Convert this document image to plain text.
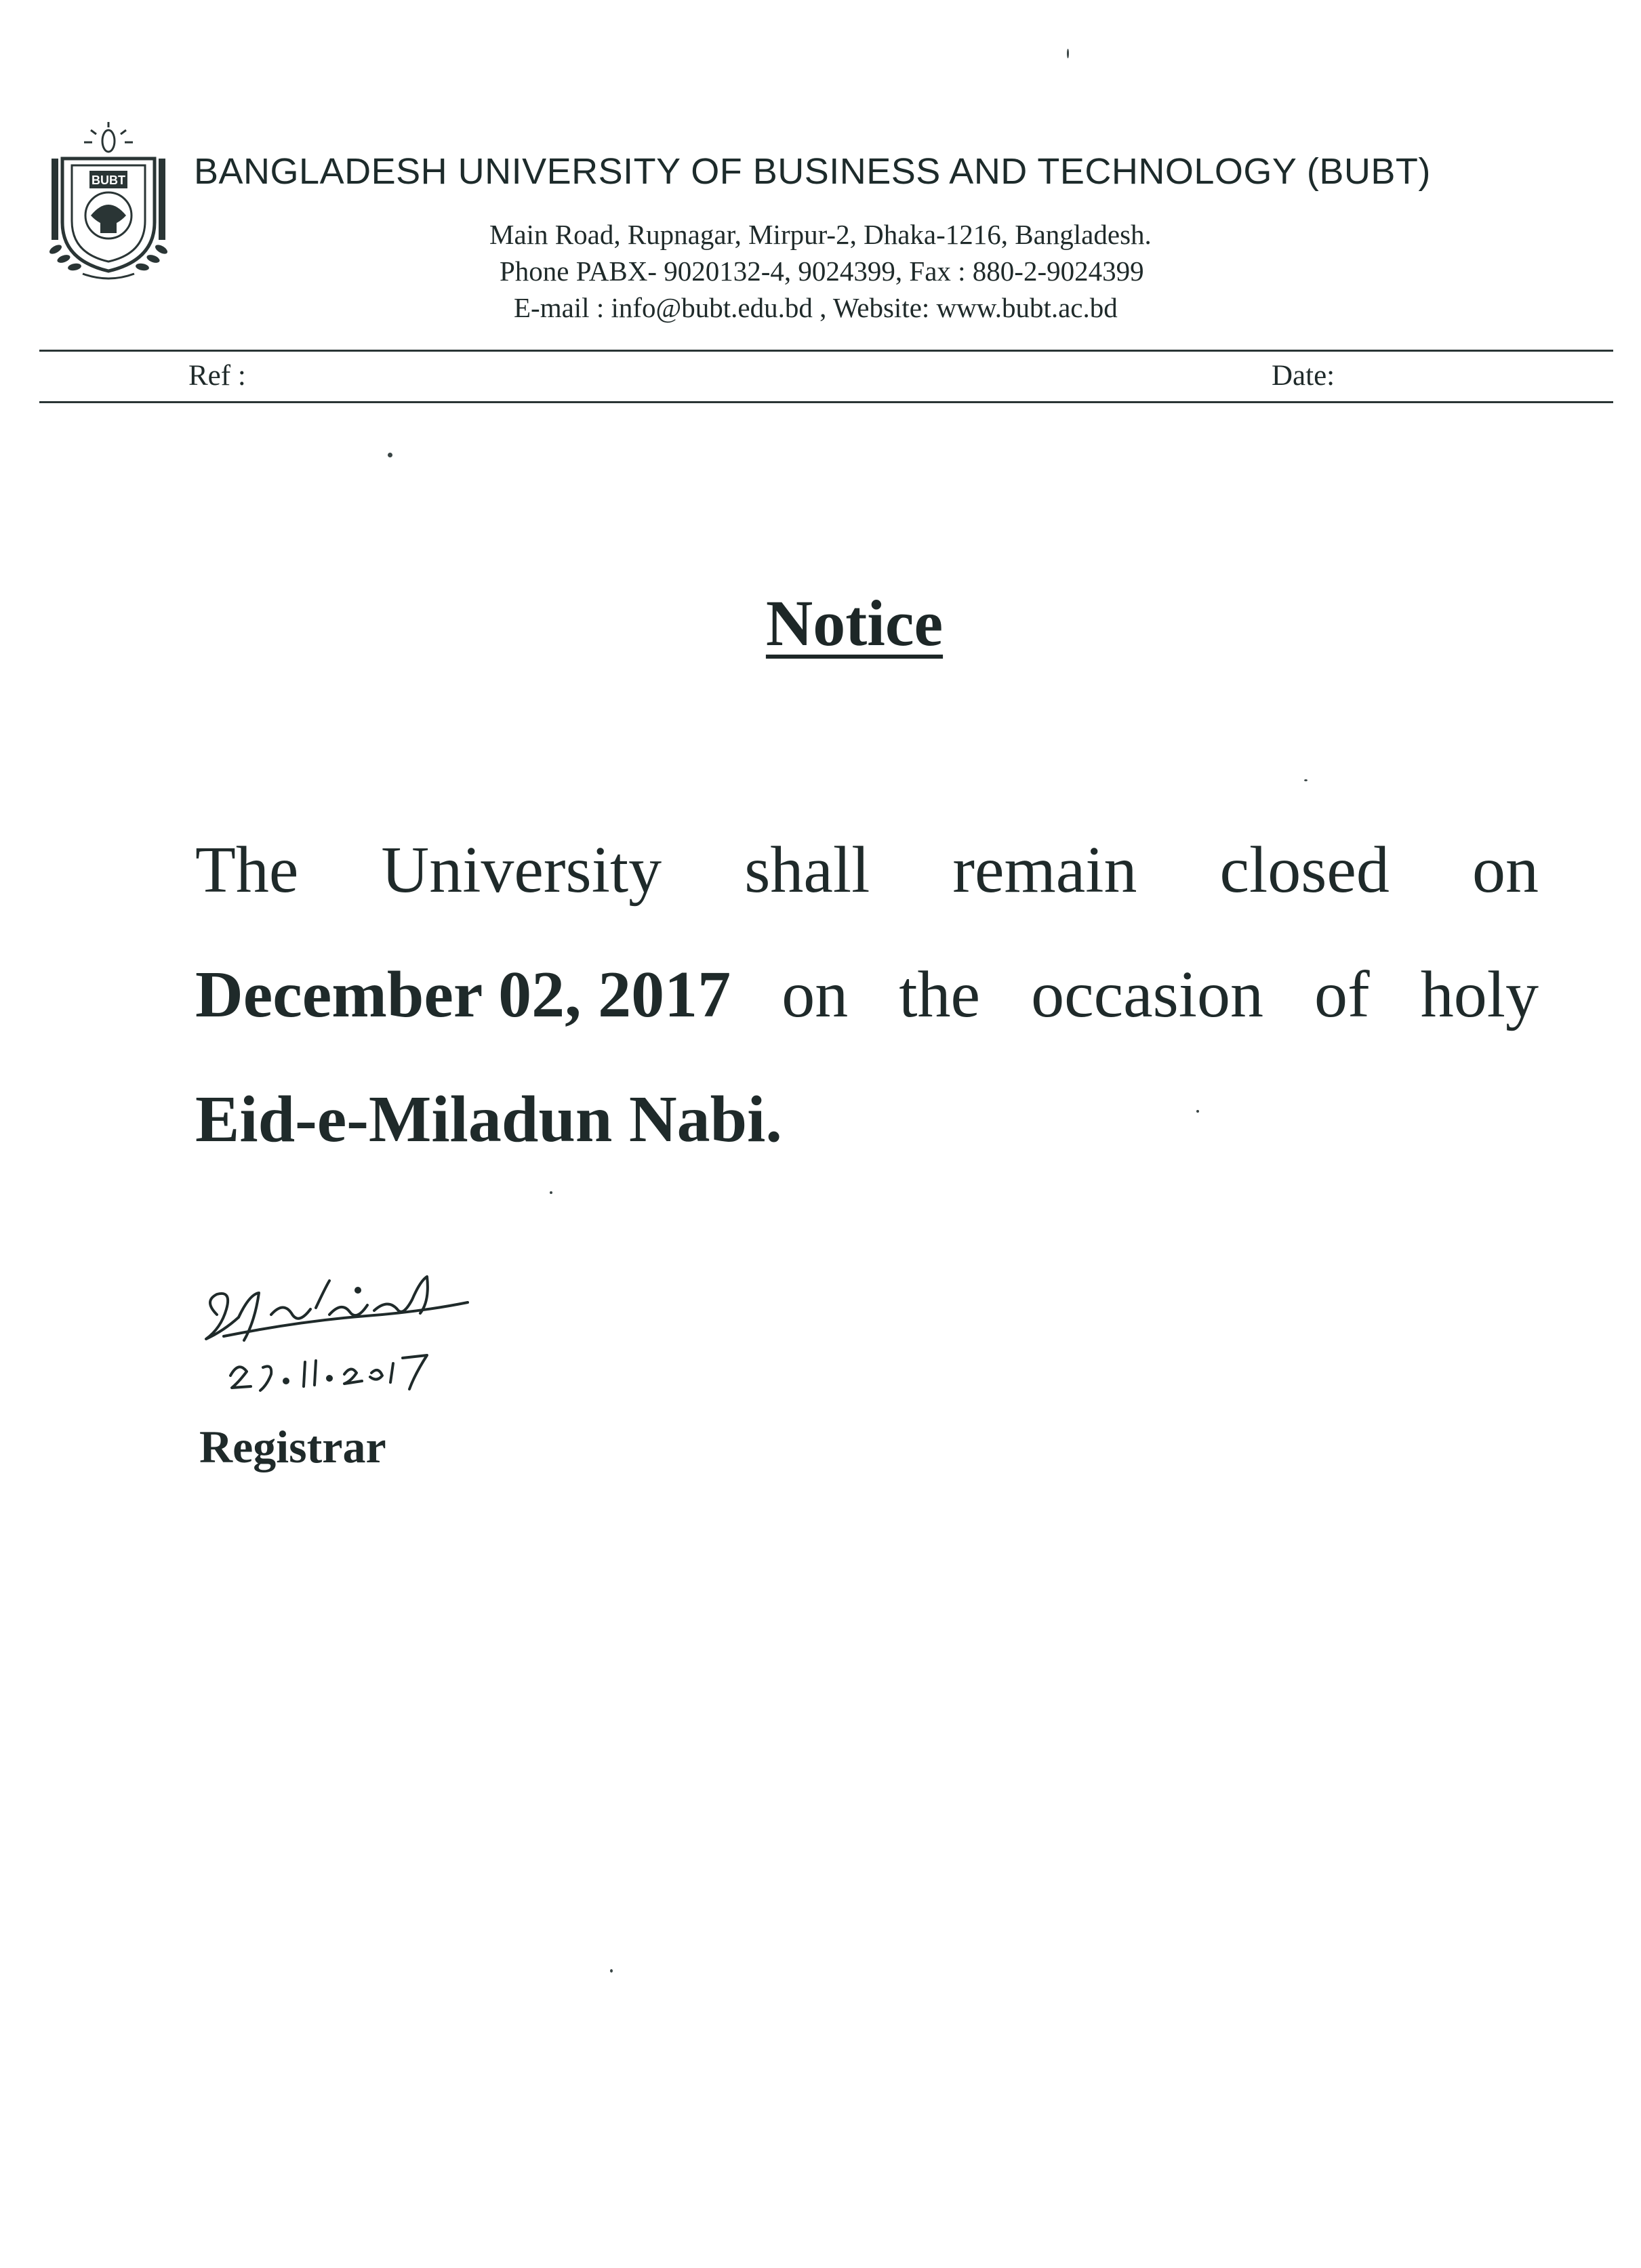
BUBT BANGLADESH UNIVERSITY OF BUSINESS AND TECHNOLOGY (BUBT)
Main Road, Rupnagar, Mirpur-2, Dhaka-1216, Bangladesh.
Phone PABX- 9020132-4, 9024399, Fax : 880-2-9024399
E-mail : info@bubt.edu.bd , Website: www.bubt.ac.bd
Ref :	Date:
Notice
The University shall remain closed on
December 02, 2017 on the occasion of holy
Eid-e-Miladun Nabi.
Registrar
